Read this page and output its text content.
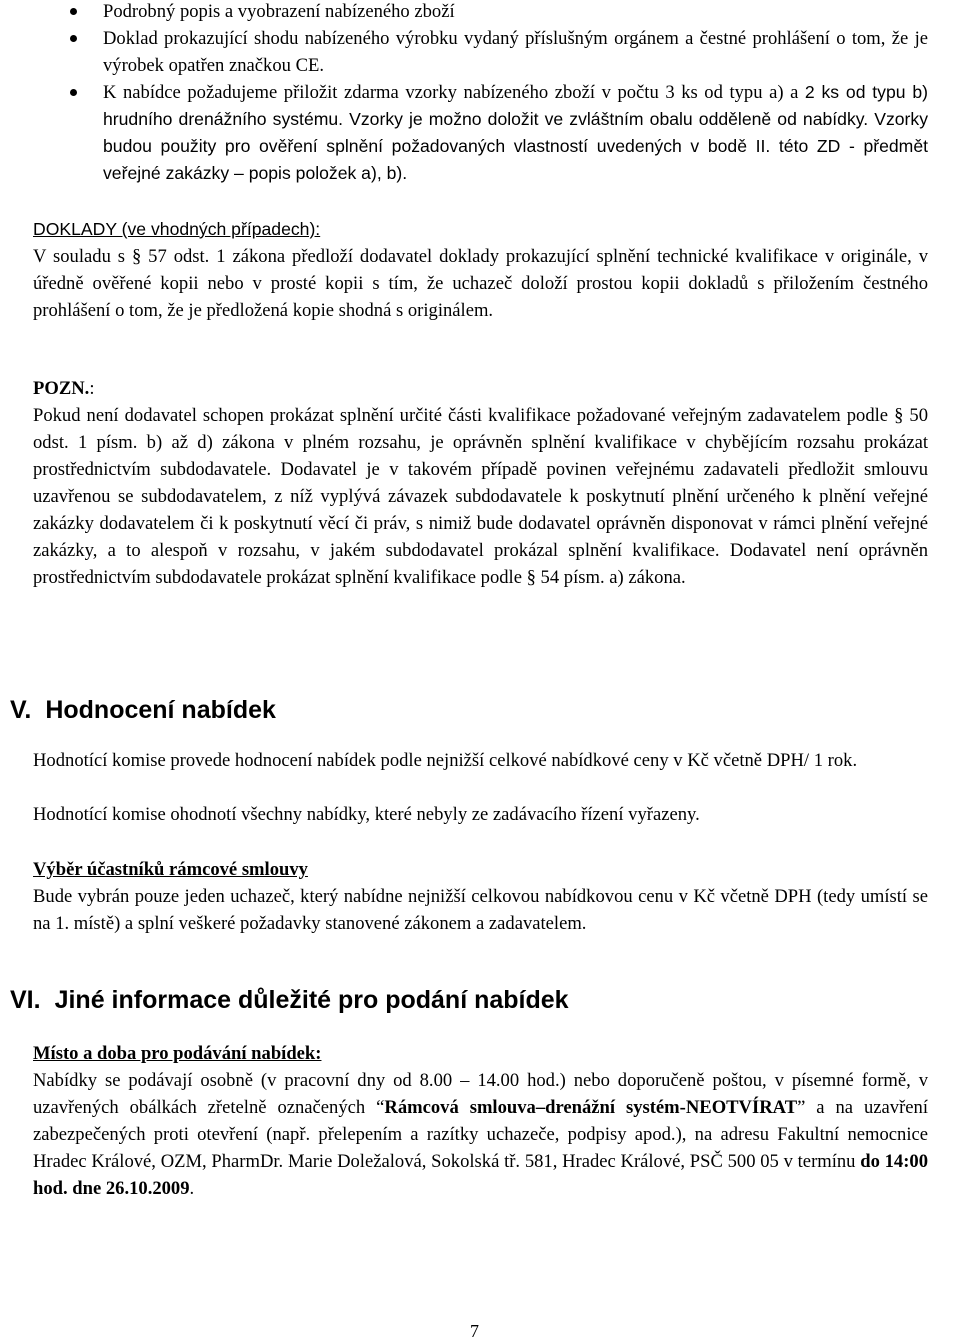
Podrobný popis a vyobrazení nabízeného zboží
Doklad prokazující shodu nabízeného výrobku vydaný příslušným orgánem a čestné prohlášení o tom, že je výrobek opatřen značkou CE.
K nabídce požadujeme přiložit zdarma vzorky nabízeného zboží v počtu 3 ks od typu a) a 2 ks od typu b) hrudního drenážního systému. Vzorky je možno doložit ve zvláštním obalu odděleně od nabídky. Vzorky budou použity pro ověření splnění požadovaných vlastností uvedených v bodě II. této ZD - předmět veřejné zakázky – popis položek a), b).

DOKLADY (ve vhodných případech):

V souladu s § 57 odst. 1 zákona předloží dodavatel doklady prokazující splnění technické kvalifikace v originále, v úředně ověřené kopii nebo v prosté kopii s tím, že uchazeč doloží prostou kopii dokladů s přiložením čestného prohlášení o tom, že je předložená kopie shodná s originálem.

POZN.:

Pokud není dodavatel schopen prokázat splnění určité části kvalifikace požadované veřejným zadavatelem podle § 50 odst. 1 písm. b) až d) zákona v plném rozsahu, je oprávněn splnění kvalifikace v chybějícím rozsahu prokázat prostřednictvím subdodavatele. Dodavatel je v takovém případě povinen veřejnému zadavateli předložit smlouvu uzavřenou se subdodavatelem, z níž vyplývá závazek subdodavatele k poskytnutí plnění určeného k plnění veřejné zakázky dodavatelem či k poskytnutí věcí či práv, s nimiž bude dodavatel oprávněn disponovat v rámci plnění veřejné zakázky, a to alespoň v rozsahu, v jakém subdodavatel prokázal splnění kvalifikace. Dodavatel není oprávněn prostřednictvím subdodavatele prokázat splnění kvalifikace podle § 54 písm. a) zákona.

V. Hodnocení nabídek

Hodnotící komise provede hodnocení nabídek podle nejnižší celkové nabídkové ceny v Kč včetně DPH/ 1 rok.

Hodnotící komise ohodnotí všechny nabídky, které nebyly ze zadávacího řízení vyřazeny.

Výběr účastníků rámcové smlouvy

Bude vybrán pouze jeden uchazeč, který nabídne nejnižší celkovou nabídkovou cenu v Kč včetně DPH (tedy umístí se na 1. místě) a splní veškeré požadavky stanovené zákonem a zadavatelem.

VI. Jiné informace důležité pro podání nabídek

Místo a doba pro podávání nabídek:

Nabídky se podávají osobně (v pracovní dny od 8.00 – 14.00 hod.) nebo doporučeně poštou, v písemné formě, v uzavřených obálkách zřetelně označených “Rámcová smlouva–drenážní systém-NEOTVÍRAT” a na uzavření zabezpečených proti otevření (např. přelepením a razítky uchazeče, podpisy apod.), na adresu Fakultní nemocnice Hradec Králové, OZM, PharmDr. Marie Doležalová, Sokolská tř. 581, Hradec Králové, PSČ 500 05 v termínu do 14:00 hod. dne 26.10.2009.

7
